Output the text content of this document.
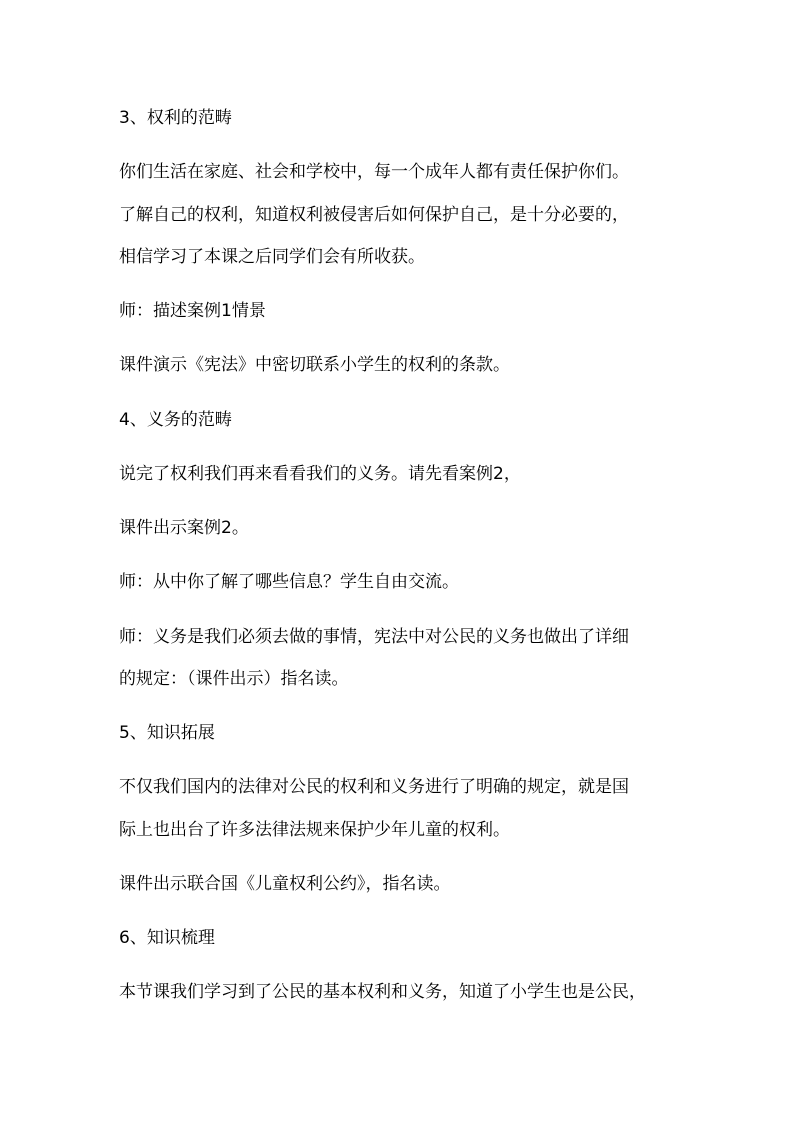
3、权利的范畴
你们生活在家庭、社会和学校中，每一个成年人都有责任保护你们。
了解自己的权利，知道权利被侵害后如何保护自己，是十分必要的，
相信学习了本课之后同学们会有所收获。
师：描述案例1情景
课件演示《宪法》中密切联系小学生的权利的条款。
4、义务的范畴
说完了权利我们再来看看我们的义务。请先看案例2，
课件出示案例2。
师：从中你了解了哪些信息？学生自由交流。
师：义务是我们必须去做的事情，宪法中对公民的义务也做出了详细
的规定：（课件出示）指名读。
5、知识拓展
不仅我们国内的法律对公民的权利和义务进行了明确的规定，就是国
际上也出台了许多法律法规来保护少年儿童的权利。
课件出示联合国《儿童权利公约》，指名读。
6、知识梳理
本节课我们学习到了公民的基本权利和义务，知道了小学生也是公民，
